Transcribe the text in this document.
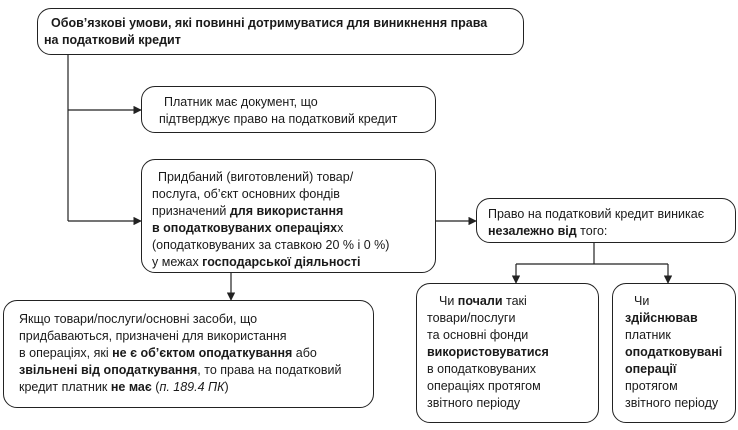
Обов’язкові умови, які повинні дотримуватися для виникнення права
на податковий кредит
Платник має документ, що
підтверджує право на податковий кредит
Придбаний (виготовлений) товар/
послуга, об’єкт основних фондів
призначений для використання
в оподатковуваних операціяхх
(оподатковуваних за ставкою 20 % і 0 %)
у межах господарської діяльності
Право на податковий кредит виникає
незалежно від того:
Якщо товари/послуги/основні засоби, що
придбаваються, призначені для використання
в операціях, які не є об’єктом оподаткування або
звільнені від оподаткування, то права на податковий
кредит платник не має (п. 189.4 ПК)
Чи почали такі
товари/послуги
та основні фонди
використовуватися
в оподатковуваних
операціях протягом
звітного періоду
Чи
здійснював
платник
оподатковувані
операції
протягом
звітного періоду
